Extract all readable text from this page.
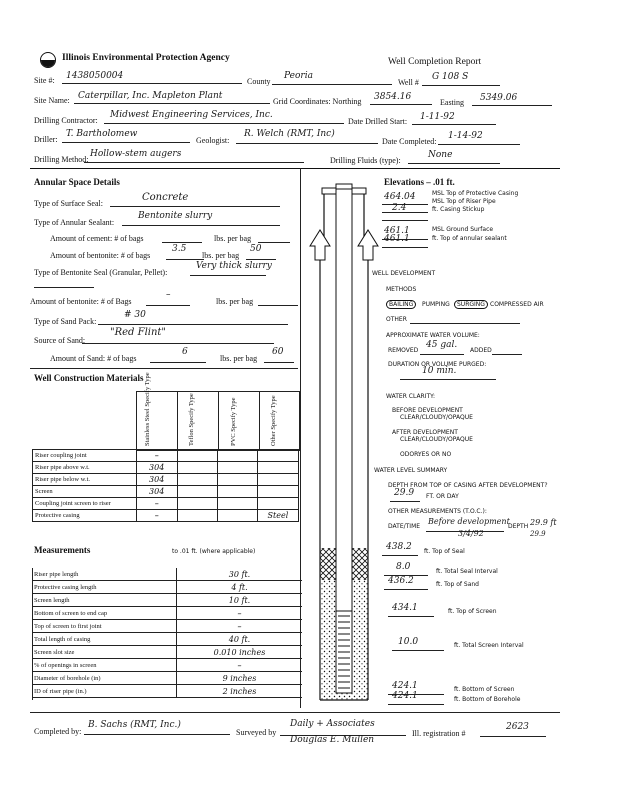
Illinois Environmental Protection Agency	Well Completion Report
Site #: 1438050004
County
Peoria
Well #
G 108 S
Site Name: Caterpillar, Inc. Mapleton Plant
Grid Coordinates: Northing 3854.16
Easting 5349.06
Drilling Contractor:
Midwest Engineering Services, Inc.
Date Drilled Start: 1-11-92
Driller:
T. Bartholomew
Geologist:
R. Welch (RMT, Inc)
Date Completed:
1-14-92
Drilling Method:
Hollow-stem augers
Drilling Fluids (type):
None
Annular Space Details
Type of Surface Seal:
Concrete
Type of Annular Sealant:
Bentonite slurry
Amount of cement: # of bags	lbs. per bag
Amount of bentonite: # of bags
3.5
lbs. per bag
50
Type of Bentonite Seal (Granular, Pellet):
Very thick slurry
Amount of bentonite: # of Bags
–
lbs. per bag
Type of Sand Pack:
# 30
Source of Sand:
"Red Flint"
Amount of Sand: # of bags
6
lbs. per bag
60
Well Construction Materials Stainless Steel Specify Type	Teflon Specify Type	PVC Specify Type	Other Specify Type
Riser coupling joint	–			
Riser pipe above w.t.	304			
Riser pipe below w.t.	304			
Screen	304			
Coupling joint screen to riser	–			
Protective casing	–			Steel
Measurements	to .01 ft. (where applicable)
Riser pipe length	30 ft.
Protective casing length	4 ft.
Screen length	10 ft.
Bottom of screen to end cap	–
Top of screen to first joint	–
Total length of casing	40 ft.
Screen slot size	0.010 inches
% of openings in screen	–
Diameter of borehole (in)	9 inches
ID of riser pipe (in.)	2 inches
Elevations – .01 ft.
464.04	MSL Top of Protective Casing
MSL Top of Riser Pipe
2.4	ft. Casing Stickup
461.1	MSL Ground Surface
461.1	ft. Top of annular sealant
WELL DEVELOPMENT
METHODS
BAILING	PUMPING	SURGING COMPRESSED AIR
OTHER
APPROXIMATE WATER VOLUME:
REMOVED
45 gal.
ADDED
DURATION OR VOLUME PURGED:
10 min.
WATER CLARITY:
BEFORE DEVELOPMENT
CLEAR/CLOUDY/OPAQUE
AFTER DEVELOPMENT
CLEAR/CLOUDY/OPAQUE
ODOR:
YES OR NO
WATER LEVEL SUMMARY
DEPTH FROM TOP OF CASING AFTER DEVELOPMENT?
29.9 FT. OR DAY
OTHER MEASUREMENTS (T.O.C.):
DATE/TIME
Before development
DEPTH 29.9 ft
3/4/92	29.9
438.2 ft. Top of Seal
8.0	ft. Total Seal Interval
436.2	ft. Top of Sand
434.1	ft. Top of Screen
10.0	ft. Total Screen Interval
424.1	ft. Bottom of Screen
424.1	ft. Bottom of Borehole
Completed by:
B. Sachs (RMT, Inc.)
Surveyed by
Daily + Associates
Douglas E. Mullen
Ill. registration #
2623
